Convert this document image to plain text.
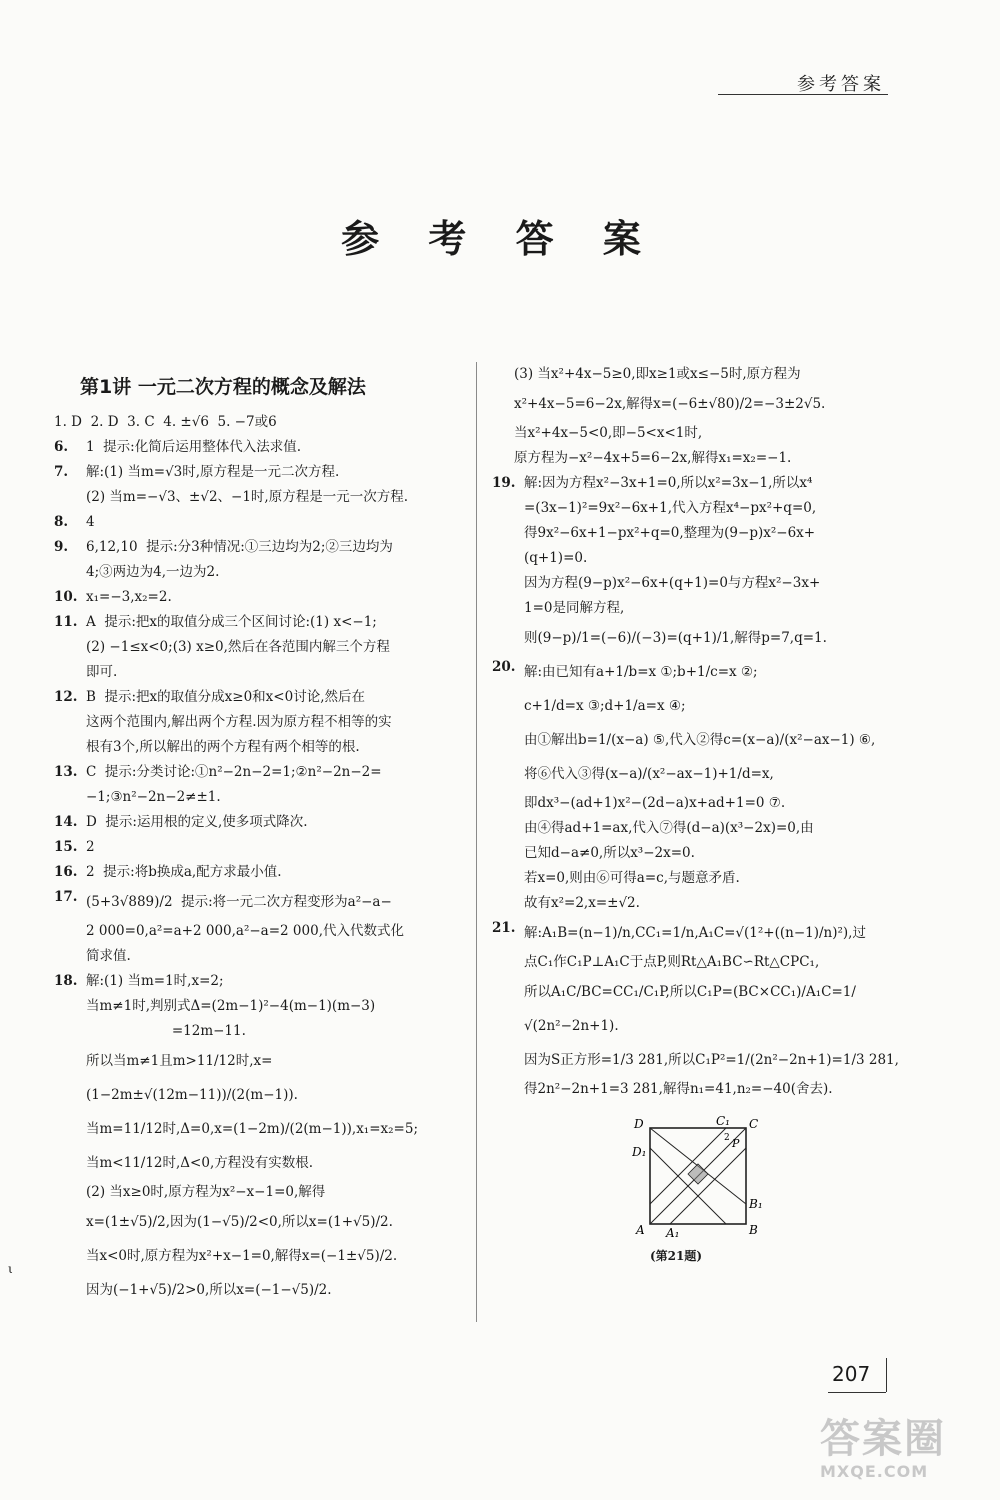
参考答案
参 考 答 案
第1讲 一元二次方程的概念及解法
1. D  2. D  3. C  4. ±√6  5. −7或6
6. 1  提示:化简后运用整体代入法求值.
7. 解:(1) 当m=√3时,原方程是一元二次方程.
(2) 当m=−√3、±√2、−1时,原方程是一元一次方程.
8. 4
9. 6,12,10  提示:分3种情况:①三边均为2;②三边均为
4;③两边为4,一边为2.
10. x₁=−3,x₂=2.
11. A  提示:把x的取值分成三个区间讨论:(1) x<−1;
(2) −1≤x<0;(3) x≥0,然后在各范围内解三个方程
即可.
12. B  提示:把x的取值分成x≥0和x<0讨论,然后在
这两个范围内,解出两个方程.因为原方程不相等的实
根有3个,所以解出的两个方程有两个相等的根.
13. C  提示:分类讨论:①n²−2n−2=1;②n²−2n−2=
−1;③n²−2n−2≠±1.
14. D  提示:运用根的定义,使多项式降次.
15. 2
16. 2  提示:将b换成a,配方求最小值.
17. (5+3√889)/2  提示:将一元二次方程变形为a²−a−
2 000=0,a²=a+2 000,a²−a=2 000,代入代数式化
简求值.
18. 解:(1) 当m=1时,x=2;
当m≠1时,判别式Δ=(2m−1)²−4(m−1)(m−3)
=12m−11.
所以当m≠1且m>11/12时,x=(1−2m±√(12m−11))/(2(m−1)).
当m=11/12时,Δ=0,x=(1−2m)/(2(m−1)),x₁=x₂=5;
当m<11/12时,Δ<0,方程没有实数根.
(2) 当x≥0时,原方程为x²−x−1=0,解得
x=(1±√5)/2,因为(1−√5)/2<0,所以x=(1+√5)/2.
当x<0时,原方程为x²+x−1=0,解得x=(−1±√5)/2.
因为(−1+√5)/2>0,所以x=(−1−√5)/2.
(3) 当x²+4x−5≥0,即x≥1或x≤−5时,原方程为
x²+4x−5=6−2x,解得x=(−6±√80)/2=−3±2√5.
当x²+4x−5<0,即−5<x<1时,
原方程为−x²−4x+5=6−2x,解得x₁=x₂=−1.
19. 解:因为方程x²−3x+1=0,所以x²=3x−1,所以x⁴
=(3x−1)²=9x²−6x+1,代入方程x⁴−px²+q=0,
得9x²−6x+1−px²+q=0,整理为(9−p)x²−6x+
(q+1)=0.
因为方程(9−p)x²−6x+(q+1)=0与方程x²−3x+
1=0是同解方程,
则(9−p)/1=(−6)/(−3)=(q+1)/1,解得p=7,q=1.
20. 解:由已知有a+1/b=x ①;b+1/c=x ②;
c+1/d=x ③;d+1/a=x ④;
由①解出b=1/(x−a) ⑤,代入②得c=(x−a)/(x²−ax−1) ⑥,
将⑥代入③得(x−a)/(x²−ax−1)+1/d=x,
即dx³−(ad+1)x²−(2d−a)x+ad+1=0 ⑦.
由④得ad+1=ax,代入⑦得(d−a)(x³−2x)=0,由
已知d−a≠0,所以x³−2x=0.
若x=0,则由⑥可得a=c,与题意矛盾.
故有x²=2,x=±√2.
21. 解:A₁B=(n−1)/n,CC₁=1/n,A₁C=√(1²+((n−1)/n)²),过
点C₁作C₁P⊥A₁C于点P,则Rt△A₁BC∽Rt△CPC₁,
所以A₁C/BC=CC₁/C₁P,所以C₁P=(BC×CC₁)/A₁C=1/√(2n²−2n+1).
因为S正方形=1/3 281,所以C₁P²=1/(2n²−2n+1)=1/3 281,
得2n²−2n+1=3 281,解得n₁=41,n₂=−40(舍去).
D	C₁ C
P
2
D₁
B₁
A A₁	B
(第21题)
207
答案圈
MXQE.COM
ι
